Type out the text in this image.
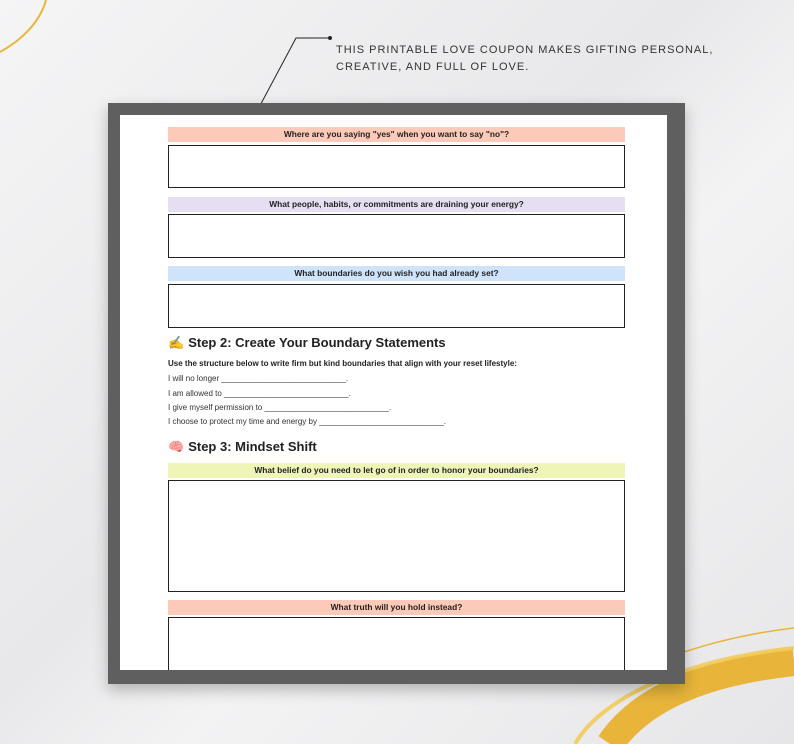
THIS PRINTABLE LOVE COUPON MAKES GIFTING PERSONAL, CREATIVE, AND FULL OF LOVE.
Where are you saying "yes" when you want to say "no"?
What people, habits, or commitments are draining your energy?
What boundaries do you wish you had already set?
✍ Step 2: Create Your Boundary Statements
Use the structure below to write firm but kind boundaries that align with your reset lifestyle:
I will no longer ____________________________.
I am allowed to ____________________________.
I give myself permission to ____________________________.
I choose to protect my time and energy by ____________________________.
🧠 Step 3: Mindset Shift
What belief do you need to let go of in order to honor your boundaries?
What truth will you hold instead?
